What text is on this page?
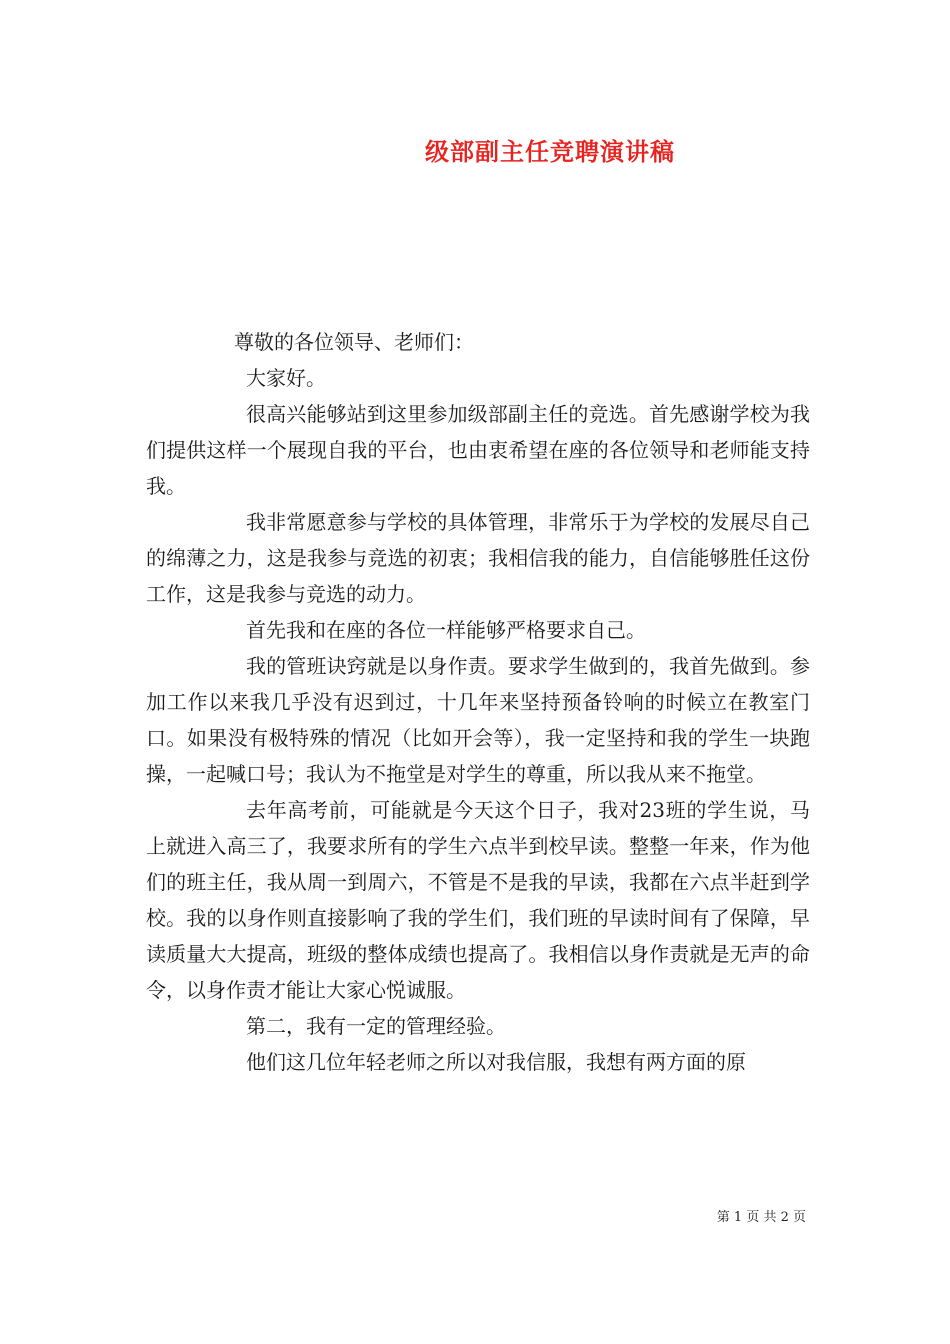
级部副主任竞聘演讲稿

尊敬的各位领导、老师们：

大家好。

很高兴能够站到这里参加级部副主任的竞选。首先感谢学校为我们提供这样一个展现自我的平台，也由衷希望在座的各位领导和老师能支持我。

我非常愿意参与学校的具体管理，非常乐于为学校的发展尽自己的绵薄之力，这是我参与竞选的初衷；我相信我的能力，自信能够胜任这份工作，这是我参与竞选的动力。

首先我和在座的各位一样能够严格要求自己。

我的管班诀窍就是以身作责。要求学生做到的，我首先做到。参加工作以来我几乎没有迟到过，十几年来坚持预备铃响的时候立在教室门口。如果没有极特殊的情况（比如开会等），我一定坚持和我的学生一块跑操，一起喊口号；我认为不拖堂是对学生的尊重，所以我从来不拖堂。

去年高考前，可能就是今天这个日子，我对23班的学生说，马上就进入高三了，我要求所有的学生六点半到校早读。整整一年来，作为他们的班主任，我从周一到周六，不管是不是我的早读，我都在六点半赶到学校。我的以身作则直接影响了我的学生们，我们班的早读时间有了保障，早读质量大大提高，班级的整体成绩也提高了。我相信以身作责就是无声的命令，以身作责才能让大家心悦诚服。

第二，我有一定的管理经验。

他们这几位年轻老师之所以对我信服，我想有两方面的原

第 1 页 共 2 页
